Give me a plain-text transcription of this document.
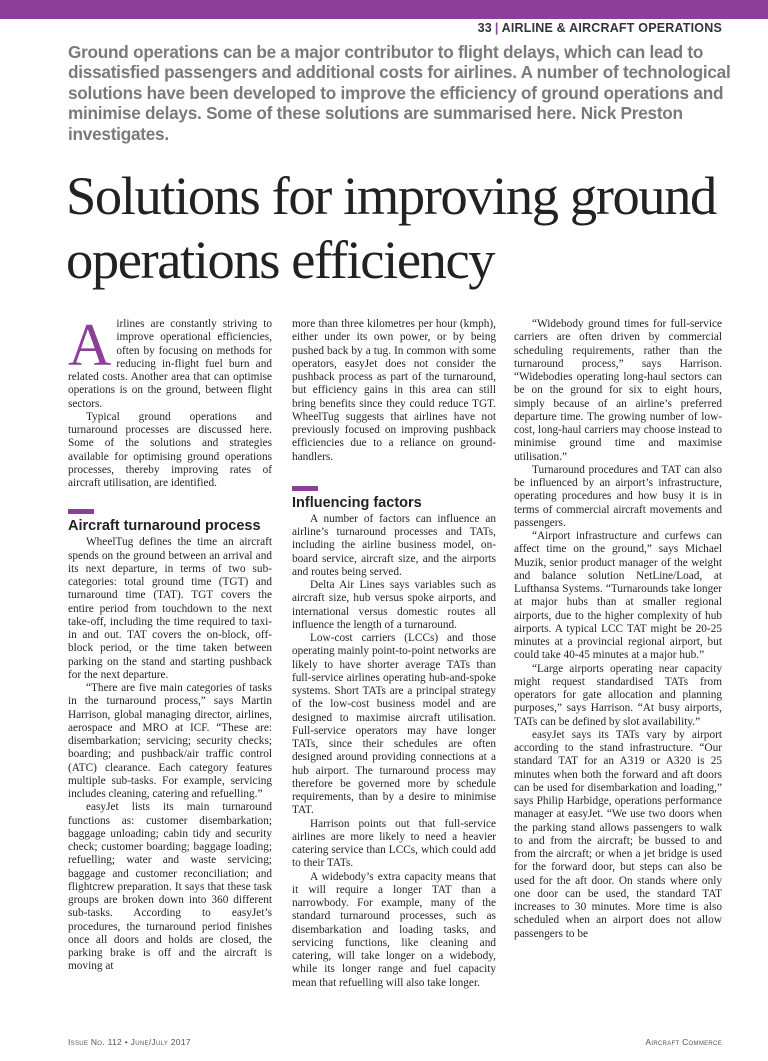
33 | AIRLINE & AIRCRAFT OPERATIONS
Ground operations can be a major contributor to flight delays, which can lead to dissatisfied passengers and additional costs for airlines. A number of technological solutions have been developed to improve the efficiency of ground operations and minimise delays. Some of these solutions are summarised here. Nick Preston investigates.
Solutions for improving ground operations efficiency

Airlines are constantly striving to improve operational efficiencies, often by focusing on methods for reducing in-flight fuel burn and related costs. Another area that can optimise operations is on the ground, between flight sectors.

Typical ground operations and turnaround processes are discussed here. Some of the solutions and strategies available for optimising ground operations processes, thereby improving rates of aircraft utilisation, are identified.

Aircraft turnaround process

WheelTug defines the time an aircraft spends on the ground between an arrival and its next departure, in terms of two sub-categories: total ground time (TGT) and turnaround time (TAT). TGT covers the entire period from touchdown to the next take-off, including the time required to taxi-in and out. TAT covers the on-block, off-block period, or the time taken between parking on the stand and starting pushback for the next departure.

“There are five main categories of tasks in the turnaround process,” says Martin Harrison, global managing director, airlines, aerospace and MRO at ICF. “These are: disembarkation; servicing; security checks; boarding; and pushback/air traffic control (ATC) clearance. Each category features multiple sub-tasks. For example, servicing includes cleaning, catering and refuelling.”

easyJet lists its main turnaround functions as: customer disembarkation; baggage unloading; cabin tidy and security check; customer boarding; baggage loading; refuelling; water and waste servicing; baggage and customer reconciliation; and flightcrew preparation. It says that these task groups are broken down into 360 different sub-tasks. According to easyJet’s procedures, the turnaround period finishes once all doors and holds are closed, the parking brake is off and the aircraft is moving at

more than three kilometres per hour (kmph), either under its own power, or by being pushed back by a tug. In common with some operators, easyJet does not consider the pushback process as part of the turnaround, but efficiency gains in this area can still bring benefits since they could reduce TGT. WheelTug suggests that airlines have not previously focused on improving pushback efficiencies due to a reliance on ground-handlers.

Influencing factors

A number of factors can influence an airline’s turnaround processes and TATs, including the airline business model, on-board service, aircraft size, and the airports and routes being served.

Delta Air Lines says variables such as aircraft size, hub versus spoke airports, and international versus domestic routes all influence the length of a turnaround.

Low-cost carriers (LCCs) and those operating mainly point-to-point networks are likely to have shorter average TATs than full-service airlines operating hub-and-spoke systems. Short TATs are a principal strategy of the low-cost business model and are designed to maximise aircraft utilisation. Full-service operators may have longer TATs, since their schedules are often designed around providing connections at a hub airport. The turnaround process may therefore be governed more by schedule requirements, than by a desire to minimise TAT.

Harrison points out that full-service airlines are more likely to need a heavier catering service than LCCs, which could add to their TATs.

A widebody’s extra capacity means that it will require a longer TAT than a narrowbody. For example, many of the standard turnaround processes, such as disembarkation and loading tasks, and servicing functions, like cleaning and catering, will take longer on a widebody, while its longer range and fuel capacity mean that refuelling will also take longer.

“Widebody ground times for full-service carriers are often driven by commercial scheduling requirements, rather than the turnaround process,” says Harrison. “Widebodies operating long-haul sectors can be on the ground for six to eight hours, simply because of an airline’s preferred departure time. The growing number of low-cost, long-haul carriers may choose instead to minimise ground time and maximise utilisation.”

Turnaround procedures and TAT can also be influenced by an airport’s infrastructure, operating procedures and how busy it is in terms of commercial aircraft movements and passengers.

“Airport infrastructure and curfews can affect time on the ground,” says Michael Muzik, senior product manager of the weight and balance solution NetLine/Load, at Lufthansa Systems. “Turnarounds take longer at major hubs than at smaller regional airports, due to the higher complexity of hub airports. A typical LCC TAT might be 20-25 minutes at a provincial regional airport, but could take 40-45 minutes at a major hub.”

“Large airports operating near capacity might request standardised TATs from operators for gate allocation and planning purposes,” says Harrison. “At busy airports, TATs can be defined by slot availability.”

easyJet says its TATs vary by airport according to the stand infrastructure. “Our standard TAT for an A319 or A320 is 25 minutes when both the forward and aft doors can be used for disembarkation and loading,” says Philip Harbidge, operations performance manager at easyJet. “We use two doors when the parking stand allows passengers to walk to and from the aircraft; be bussed to and from the aircraft; or when a jet bridge is used for the forward door, but steps can also be used for the aft door. On stands where only one door can be used, the standard TAT increases to 30 minutes. More time is also scheduled when an airport does not allow passengers to be

Issue No. 112 • June/July 2017	Aircraft Commerce
